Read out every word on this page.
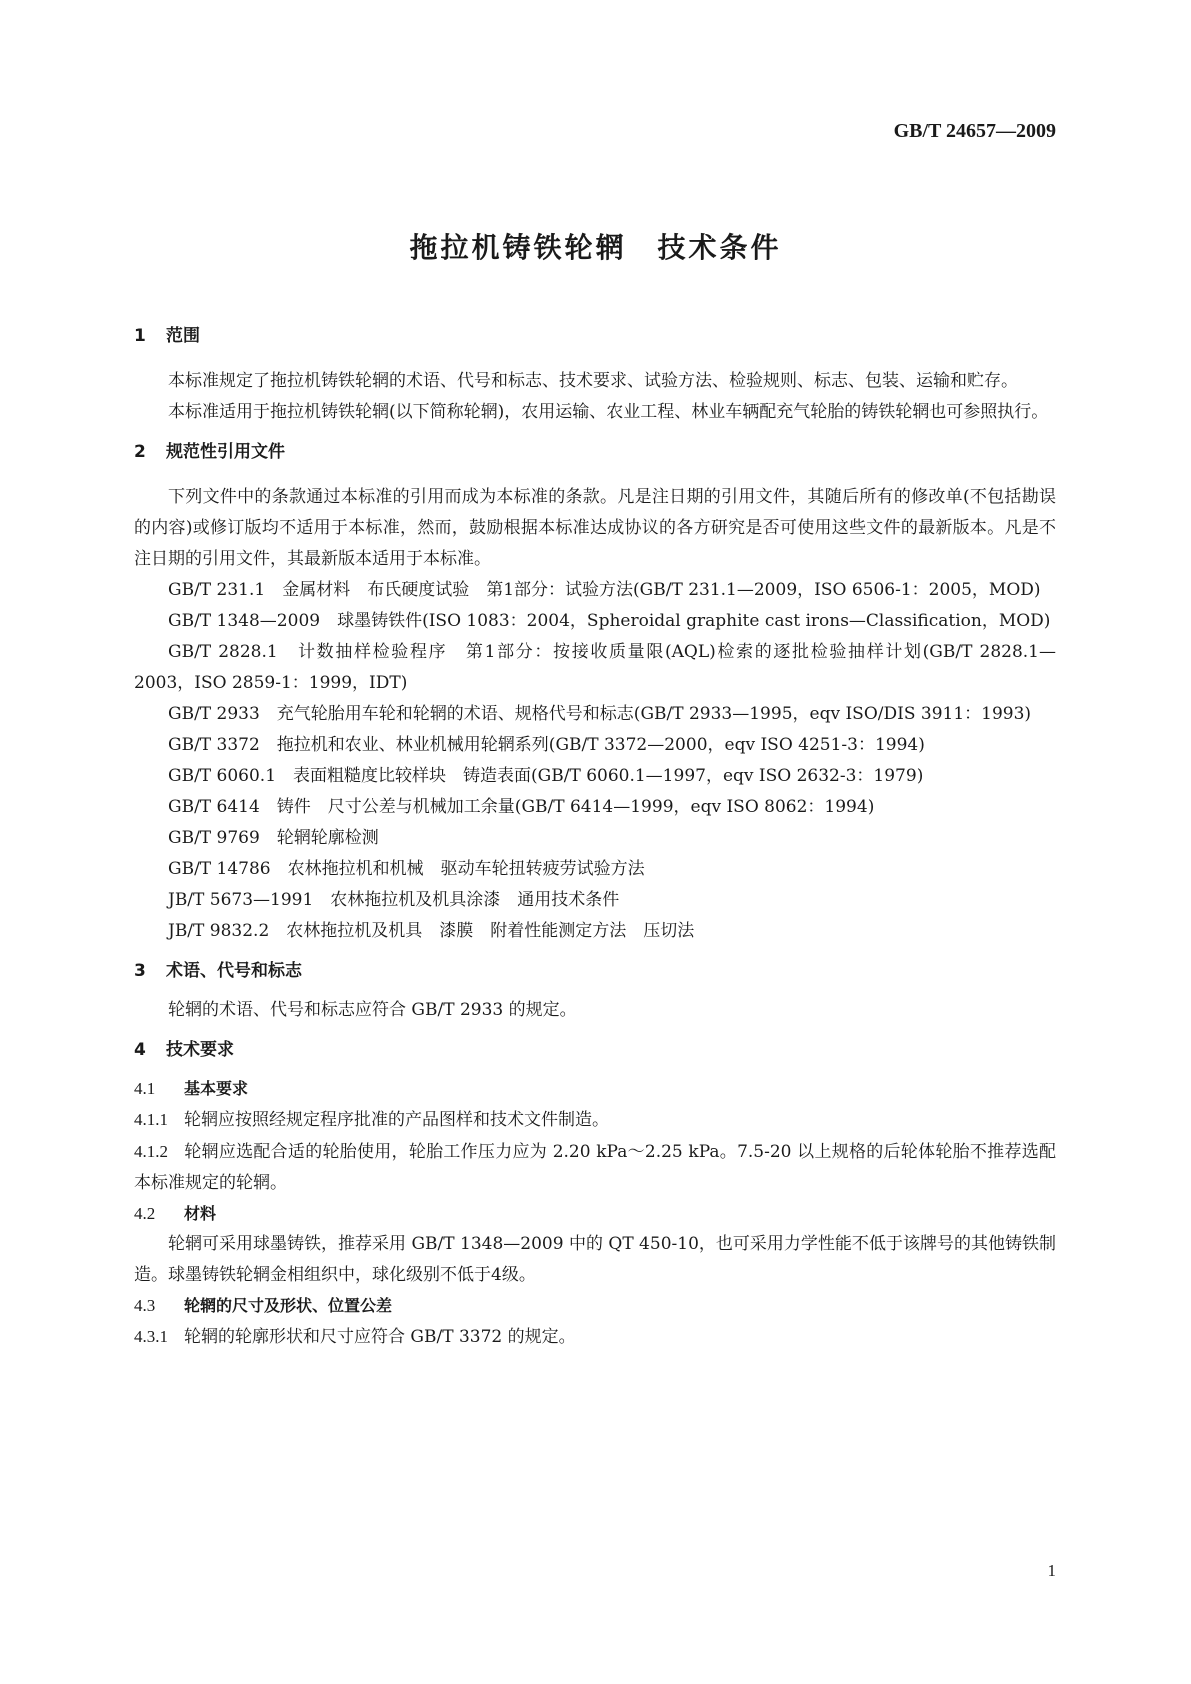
GB/T 24657—2009
拖拉机铸铁轮辋　技术条件
1 范围

本标准规定了拖拉机铸铁轮辋的术语、代号和标志、技术要求、试验方法、检验规则、标志、包装、运输和贮存。

本标准适用于拖拉机铸铁轮辋(以下简称轮辋)，农用运输、农业工程、林业车辆配充气轮胎的铸铁轮辋也可参照执行。

2 规范性引用文件

下列文件中的条款通过本标准的引用而成为本标准的条款。凡是注日期的引用文件，其随后所有的修改单(不包括勘误的内容)或修订版均不适用于本标准，然而，鼓励根据本标准达成协议的各方研究是否可使用这些文件的最新版本。凡是不注日期的引用文件，其最新版本适用于本标准。

GB/T 231.1　金属材料　布氏硬度试验　第1部分：试验方法(GB/T 231.1—2009，ISO 6506-1：2005，MOD)

GB/T 1348—2009　球墨铸铁件(ISO 1083：2004，Spheroidal graphite cast irons—Classification，MOD)

GB/T 2828.1　计数抽样检验程序　第1部分：按接收质量限(AQL)检索的逐批检验抽样计划(GB/T 2828.1—2003，ISO 2859-1：1999，IDT)

GB/T 2933　充气轮胎用车轮和轮辋的术语、规格代号和标志(GB/T 2933—1995，eqv ISO/DIS 3911：1993)

GB/T 3372　拖拉机和农业、林业机械用轮辋系列(GB/T 3372—2000，eqv ISO 4251-3：1994)

GB/T 6060.1　表面粗糙度比较样块　铸造表面(GB/T 6060.1—1997，eqv ISO 2632-3：1979)

GB/T 6414　铸件　尺寸公差与机械加工余量(GB/T 6414—1999，eqv ISO 8062：1994)

GB/T 9769　轮辋轮廓检测

GB/T 14786　农林拖拉机和机械　驱动车轮扭转疲劳试验方法

JB/T 5673—1991　农林拖拉机及机具涂漆　通用技术条件

JB/T 9832.2　农林拖拉机及机具　漆膜　附着性能测定方法　压切法

3 术语、代号和标志

轮辋的术语、代号和标志应符合 GB/T 2933 的规定。

4 技术要求
4.1 基本要求

4.1.1 轮辋应按照经规定程序批准的产品图样和技术文件制造。

4.1.2 轮辋应选配合适的轮胎使用，轮胎工作压力应为 2.20 kPa～2.25 kPa。7.5-20 以上规格的后轮体轮胎不推荐选配本标准规定的轮辋。

4.2 材料

轮辋可采用球墨铸铁，推荐采用 GB/T 1348—2009 中的 QT 450-10，也可采用力学性能不低于该牌号的其他铸铁制造。球墨铸铁轮辋金相组织中，球化级别不低于4级。

4.3 轮辋的尺寸及形状、位置公差

4.3.1 轮辋的轮廓形状和尺寸应符合 GB/T 3372 的规定。

1
